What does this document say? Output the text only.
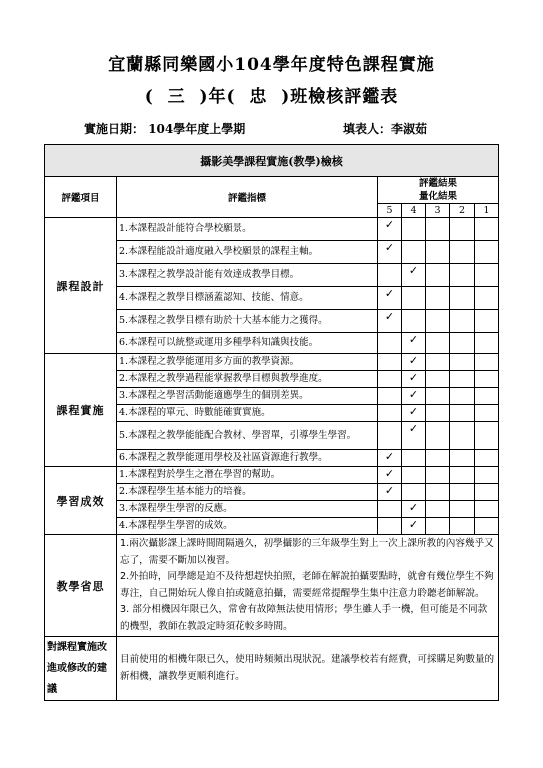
宜蘭縣同樂國小104學年度特色課程實施
(  三  )年(  忠  )班檢核評鑑表
實施日期： 104學年度上學期	填表人：李淑茹
攝影美學課程實施(教學)檢核						
評鑑項目	評鑑指標	評鑑結果
量化結果				

		5	4	3	2	1
課程設計	1.本課程設計能符合學校願景。	✓				
	2.本課程能設計適度融入學校願景的課程主軸。	✓				
	3.本課程之教學設計能有效達成教學目標。		✓			
	4.本課程之教學目標涵蓋認知、技能、情意。	✓				
	5.本課程之教學目標有助於十大基本能力之獲得。	✓				
	6.本課程可以統整或運用多種學科知識與技能。		✓			
課程實施	1.本課程之教學能運用多方面的教學資源。		✓			
	2.本課程之教學過程能掌握教學目標與教學進度。		✓			
	3.本課程之學習活動能適應學生的個別差異。		✓			
	4.本課程的單元、時數能確實實施。		✓			
	5.本課程之教學能能配合教材、學習單，引導學生學習。		✓			
	6.本課程之教學能運用學校及社區資源進行教學。	✓				
學習成效	1.本課程對於學生之潛在學習的幫助。	✓				
	2.本課程學生基本能力的培養。	✓				
	3.本課程學生學習的反應。		✓			
	4.本課程學生學習的成效。		✓			
教學省思	1.兩次攝影課上課時間間隔過久，初學攝影的三年級學生對上一次上課所教的內容幾乎又忘了，需要不斷加以複習。
2.外拍時，同學總是迫不及待想趕快拍照，老師在解說拍攝要點時，就會有幾位學生不夠專注，自己開始玩人像自拍或隨意拍攝，需要經常提醒學生集中注意力聆聽老師解說。
3. 部分相機因年限已久，常會有故障無法使用情形；學生雖人手一機，但可能是不同款的機型，教師在教設定時須花較多時間。					

對課程實施改進或修改的建議	目前使用的相機年限已久，使用時頻頻出現狀況。建議學校若有經費，可採購足夠數量的新相機，讓教學更順利進行。					
